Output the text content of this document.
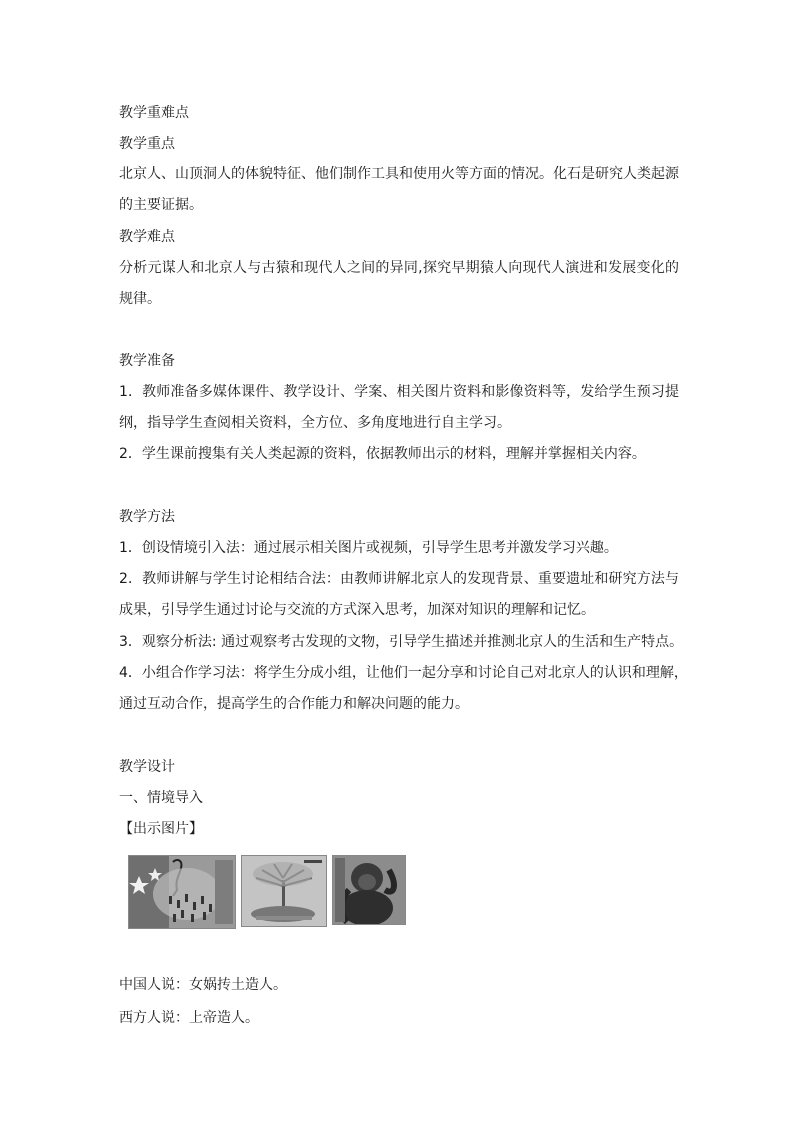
教学重难点
教学重点
北京人、山顶洞人的体貌特征、他们制作工具和使用火等方面的情况。化石是研究人类起源
的主要证据。
教学难点
分析元谋人和北京人与古猿和现代人之间的异同,探究早期猿人向现代人演进和发展变化的
规律。
教学准备
1．教师准备多媒体课件、教学设计、学案、相关图片资料和影像资料等，发给学生预习提
纲，指导学生查阅相关资料，全方位、多角度地进行自主学习。
2．学生课前搜集有关人类起源的资料，依据教师出示的材料，理解并掌握相关内容。
教学方法
1．创设情境引入法：通过展示相关图片或视频，引导学生思考并激发学习兴趣。
2．教师讲解与学生讨论相结合法：由教师讲解北京人的发现背景、重要遗址和研究方法与
成果，引导学生通过讨论与交流的方式深入思考，加深对知识的理解和记忆。
3．观察分析法: 通过观察考古发现的文物，引导学生描述并推测北京人的生活和生产特点。
4．小组合作学习法：将学生分成小组，让他们一起分享和讨论自己对北京人的认识和理解，
通过互动合作，提高学生的合作能力和解决问题的能力。
教学设计
一、情境导入
【出示图片】
中国人说：女娲抟土造人。
西方人说：上帝造人。
